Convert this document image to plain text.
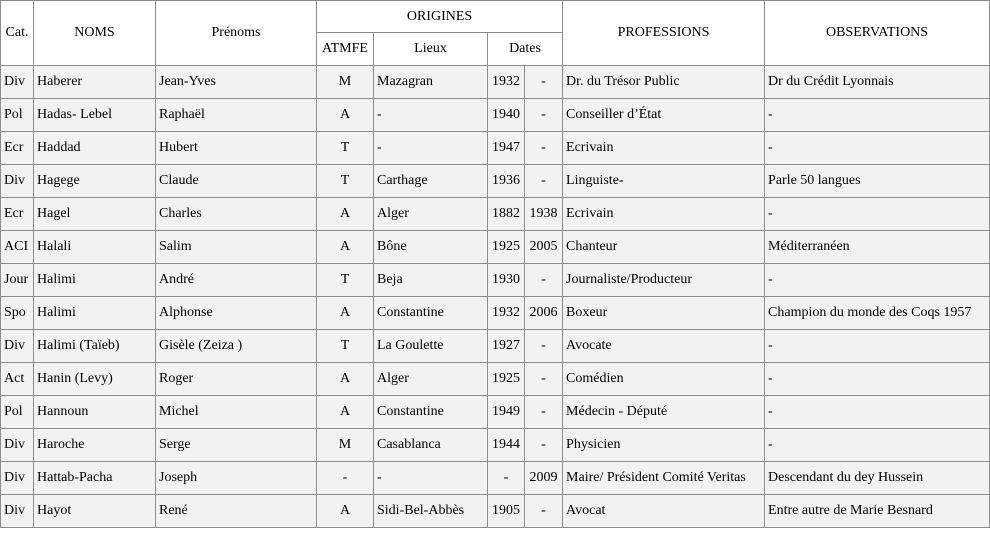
Cat.	NOMS	Prénoms	ORIGINES				PROFESSIONS	OBSERVATIONS
			ATMFE	Lieux	Dates			
Div	Haberer	Jean-Yves	M	Mazagran	1932	-	Dr. du Trésor Public	Dr du Crédit Lyonnais
Pol	Hadas- Lebel	Raphaël	A	-	1940	-	Conseiller d’État	-
Ecr	Haddad	Hubert	T	-	1947	-	Ecrivain	-
Div	Hagege	Claude	T	Carthage	1936	-	Linguiste-	Parle 50 langues
Ecr	Hagel	Charles	A	Alger	1882	1938	Ecrivain	-
ACI	Halali	Salim	A	Bône	1925	2005	Chanteur	Méditerranéen
Jour	Halimi	André	T	Beja	1930	-	Journaliste/Producteur	-
Spo	Halimi	Alphonse	A	Constantine	1932	2006	Boxeur	Champion du monde des Coqs 1957
Div	Halimi (Taïeb)	Gisèle (Zeiza )	T	La Goulette	1927	-	Avocate	-
Act	Hanin (Levy)	Roger	A	Alger	1925	-	Comédien	-
Pol	Hannoun	Michel	A	Constantine	1949	-	Médecin - Député	-
Div	Haroche	Serge	M	Casablanca	1944	-	Physicien	-
Div	Hattab-Pacha	Joseph	-	-	-	2009	Maire/ Président Comité Veritas	Descendant du dey Hussein
Div	Hayot	René	A	Sidi-Bel-Abbès	1905	-	Avocat	Entre autre de Marie Besnard
